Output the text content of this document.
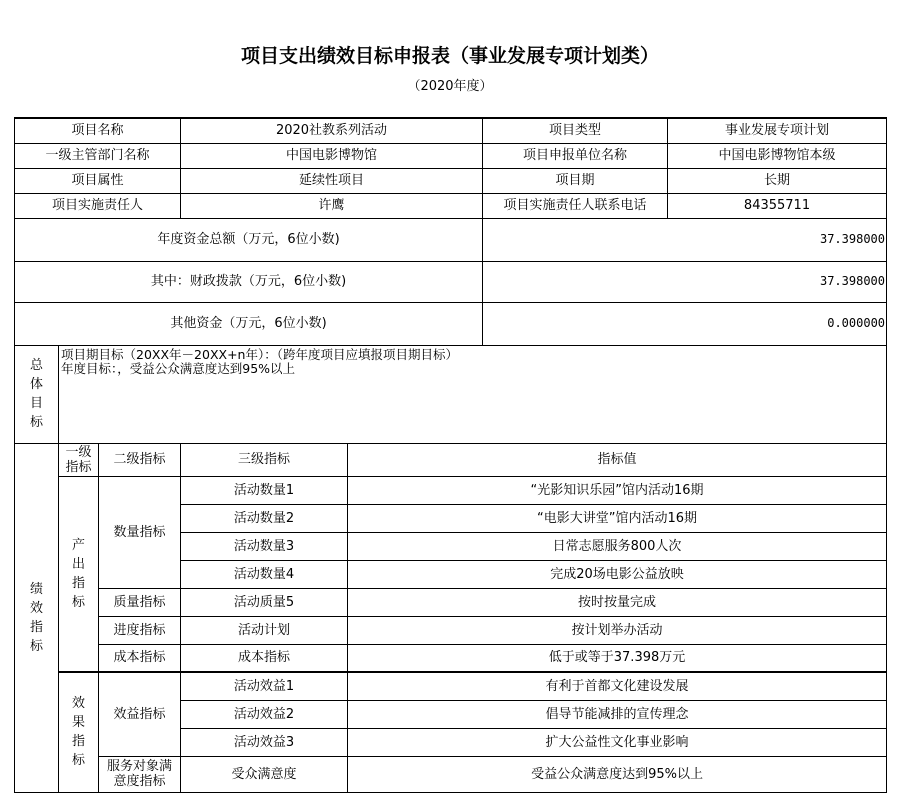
项目支出绩效目标申报表（事业发展专项计划类）
（2020年度）
项目名称			2020社教系列活动		项目类型	事业发展专项计划
一级主管部门名称			中国电影博物馆		项目申报单位名称	中国电影博物馆本级
项目属性			延续性项目		项目期	长期
项目实施责任人			许鹰		项目实施责任人联系电话	84355711
年度资金总额（万元，6位小数)					37.398000	
其中：财政拨款（万元，6位小数)					37.398000	
其他资金（万元，6位小数)					0.000000	
总体目标	项目期目标（20XX年－20XX+n年）：（跨年度项目应填报项目期目标）
年度目标：，受益公众满意度达到95%以上					

绩效指标	一级指标	二级指标	三级指标	指标值		
	产出指标	数量指标	活动数量1	“光影知识乐园”馆内活动16期		
			活动数量2	“电影大讲堂”馆内活动16期		
			活动数量3	日常志愿服务800人次		
			活动数量4	完成20场电影公益放映		
		质量指标	活动质量5	按时按量完成		
		进度指标	活动计划	按计划举办活动		
		成本指标	成本指标	低于或等于37.398万元		
	效果指标	效益指标	活动效益1	有利于首都文化建设发展		
			活动效益2	倡导节能减排的宣传理念		
			活动效益3	扩大公益性文化事业影响		
		服务对象满意度指标	受众满意度	受益公众满意度达到95%以上		
